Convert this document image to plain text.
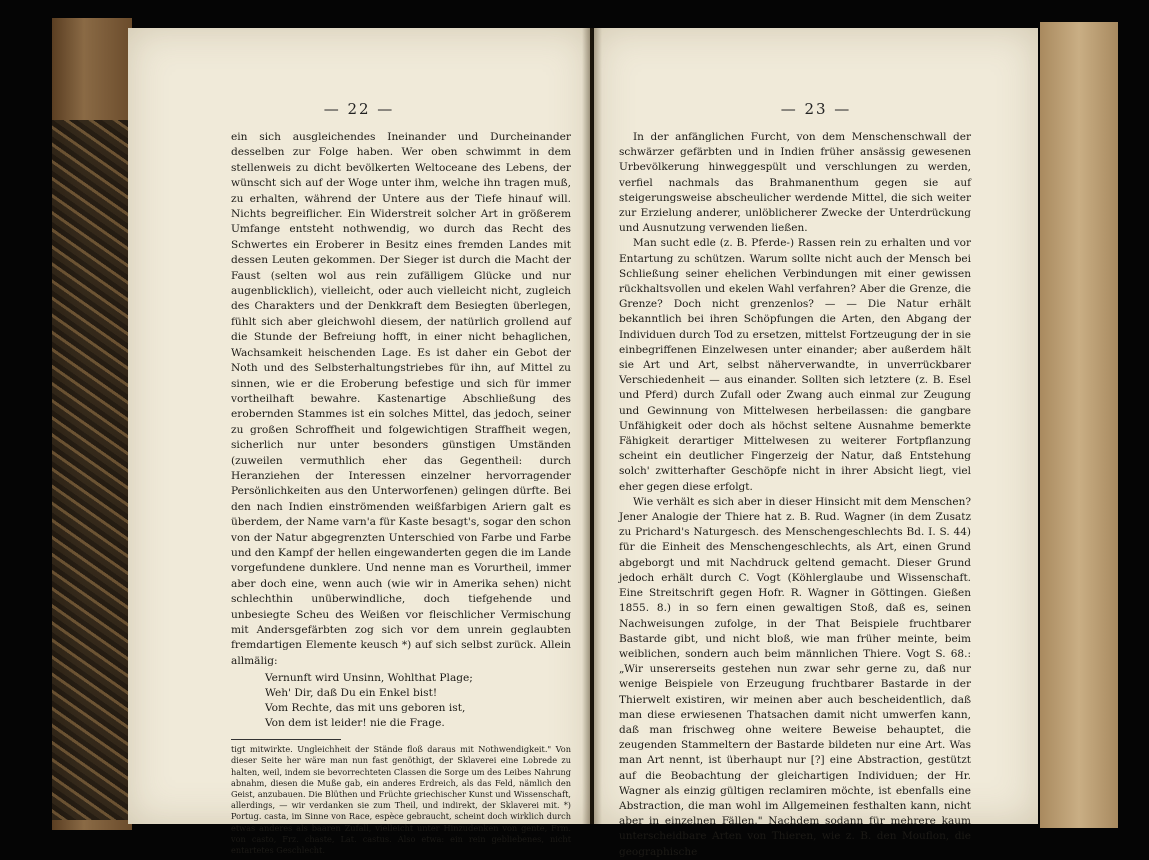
— 22 —

ein sich ausgleichendes Ineinander und Durcheinander desselben zur Folge haben. Wer oben schwimmt in dem stellenweis zu dicht bevölkerten Weltoceane des Lebens, der wünscht sich auf der Woge unter ihm, welche ihn tragen muß, zu erhalten, während der Untere aus der Tiefe hinauf will. Nichts begreiflicher. Ein Widerstreit solcher Art in größerem Umfange entsteht nothwendig, wo durch das Recht des Schwertes ein Eroberer in Besitz eines fremden Landes mit dessen Leuten gekommen. Der Sieger ist durch die Macht der Faust (selten wol aus rein zufälligem Glücke und nur augenblicklich), vielleicht, oder auch vielleicht nicht, zugleich des Charakters und der Denkkraft dem Besiegten überlegen, fühlt sich aber gleichwohl diesem, der natürlich grollend auf die Stunde der Befreiung hofft, in einer nicht behaglichen, Wachsamkeit heischenden Lage. Es ist daher ein Gebot der Noth und des Selbsterhaltungstriebes für ihn, auf Mittel zu sinnen, wie er die Eroberung befestige und sich für immer vortheilhaft bewahre. Kastenartige Abschließung des erobernden Stammes ist ein solches Mittel, das jedoch, seiner zu großen Schroffheit und folgewichtigen Straffheit wegen, sicherlich nur unter besonders günstigen Umständen (zuweilen vermuthlich eher das Gegentheil: durch Heranziehen der Interessen einzelner hervorragender Persönlichkeiten aus den Unterworfenen) gelingen dürfte. Bei den nach Indien einströmenden weißfarbigen Ariern galt es überdem, der Name varn'a für Kaste besagt's, sogar den schon von der Natur abgegrenzten Unterschied von Farbe und Farbe und den Kampf der hellen eingewanderten gegen die im Lande vorgefundene dunklere. Und nenne man es Vorurtheil, immer aber doch eine, wenn auch (wie wir in Amerika sehen) nicht schlechthin unüberwindliche, doch tiefgehende und unbesiegte Scheu des Weißen vor fleischlicher Vermischung mit Andersgefärbten zog sich vor dem unrein geglaubten fremdartigen Elemente keusch *) auf sich selbst zurück. Allein allmälig:

Vernunft wird Unsinn, Wohlthat Plage;
Weh' Dir, daß Du ein Enkel bist!
Vom Rechte, das mit uns geboren ist,
Von dem ist leider! nie die Frage.
tigt mitwirkte. Ungleichheit der Stände floß daraus mit Nothwendigkeit." Von dieser Seite her wäre man nun fast genöthigt, der Sklaverei eine Lobrede zu halten, weil, indem sie bevorrechteten Classen die Sorge um des Leibes Nahrung abnahm, diesen die Muße gab, ein anderes Erdreich, als das Feld, nämlich den Geist, anzubauen. Die Blüthen und Früchte griechischer Kunst und Wissenschaft, allerdings, — wir verdanken sie zum Theil, und indirekt, der Sklaverei mit. *) Portug. casta, im Sinne von Race, espèce gebraucht, scheint doch wirklich durch etwas anderes als baaren Zufall, vielleicht unter Hinzudenken von gente, Frm. von casto, Frz. chaste, Lat. castus. Also etwa: ein rein gebliebenes, nicht entartetes Geschlecht.
— 23 —

In der anfänglichen Furcht, von dem Menschenschwall der schwärzer gefärbten und in Indien früher ansässig gewesenen Urbevölkerung hinweggespült und verschlungen zu werden, verfiel nachmals das Brahmanenthum gegen sie auf steigerungsweise abscheulicher werdende Mittel, die sich weiter zur Erzielung anderer, unlöblicherer Zwecke der Unterdrückung und Ausnutzung verwenden ließen.

Man sucht edle (z. B. Pferde-) Rassen rein zu erhalten und vor Entartung zu schützen. Warum sollte nicht auch der Mensch bei Schließung seiner ehelichen Verbindungen mit einer gewissen rückhaltsvollen und ekelen Wahl verfahren? Aber die Grenze, die Grenze? Doch nicht grenzenlos? — — Die Natur erhält bekanntlich bei ihren Schöpfungen die Arten, den Abgang der Individuen durch Tod zu ersetzen, mittelst Fortzeugung der in sie einbegriffenen Einzelwesen unter einander; aber außerdem hält sie Art und Art, selbst näherverwandte, in unverrückbarer Verschiedenheit — aus einander. Sollten sich letztere (z. B. Esel und Pferd) durch Zufall oder Zwang auch einmal zur Zeugung und Gewinnung von Mittelwesen herbeilassen: die gangbare Unfähigkeit oder doch als höchst seltene Ausnahme bemerkte Fähigkeit derartiger Mittelwesen zu weiterer Fortpflanzung scheint ein deutlicher Fingerzeig der Natur, daß Entstehung solch' zwitterhafter Geschöpfe nicht in ihrer Absicht liegt, viel eher gegen diese erfolgt.

Wie verhält es sich aber in dieser Hinsicht mit dem Menschen? Jener Analogie der Thiere hat z. B. Rud. Wagner (in dem Zusatz zu Prichard's Naturgesch. des Menschengeschlechts Bd. I. S. 44) für die Einheit des Menschengeschlechts, als Art, einen Grund abgeborgt und mit Nachdruck geltend gemacht. Dieser Grund jedoch erhält durch C. Vogt (Köhlerglaube und Wissenschaft. Eine Streitschrift gegen Hofr. R. Wagner in Göttingen. Gießen 1855. 8.) in so fern einen gewaltigen Stoß, daß es, seinen Nachweisungen zufolge, in der That Beispiele fruchtbarer Bastarde gibt, und nicht bloß, wie man früher meinte, beim weiblichen, sondern auch beim männlichen Thiere. Vogt S. 68.: „Wir unsererseits gestehen nun zwar sehr gerne zu, daß nur wenige Beispiele von Erzeugung fruchtbarer Bastarde in der Thierwelt existiren, wir meinen aber auch bescheidentlich, daß man diese erwiesenen Thatsachen damit nicht umwerfen kann, daß man frischweg ohne weitere Beweise behauptet, die zeugenden Stammeltern der Bastarde bildeten nur eine Art. Was man Art nennt, ist überhaupt nur [?] eine Abstraction, gestützt auf die Beobachtung der gleichartigen Individuen; der Hr. Wagner als einzig gültigen reclamiren möchte, ist ebenfalls eine Abstraction, die man wohl im Allgemeinen festhalten kann, nicht aber in einzelnen Fällen." Nachdem sodann für mehrere kaum unterscheidbare Arten von Thieren, wie z. B. den Mouflon, die geographische
